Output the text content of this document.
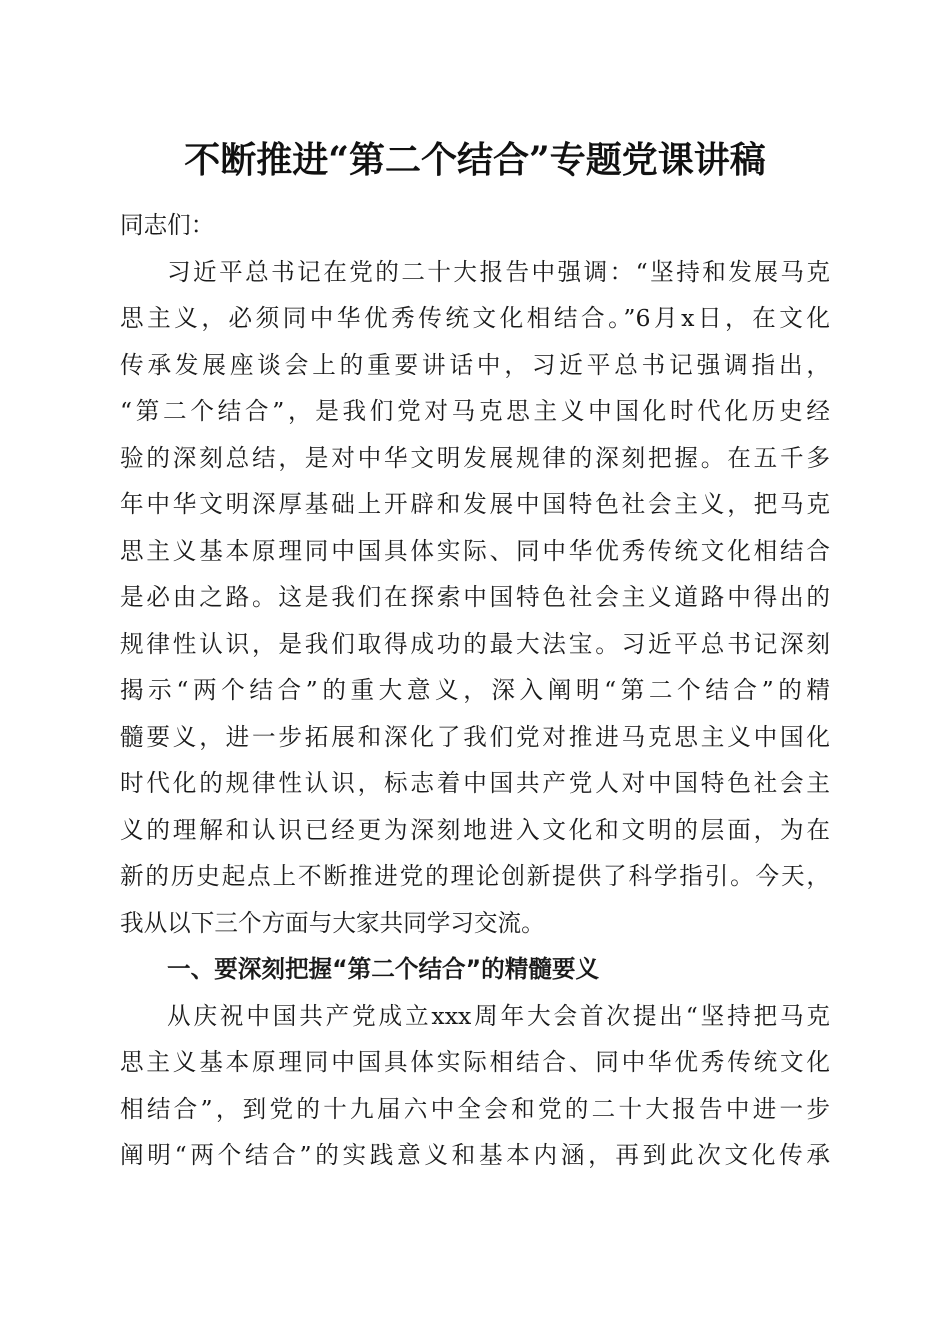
不断推进“第二个结合”专题党课讲稿
同志们：
习近平总书记在党的二十大报告中强调：“坚持和发展马克
思主义，必须同中华优秀传统文化相结合。”6月x日，在文化
传承发展座谈会上的重要讲话中，习近平总书记强调指出，
“第二个结合”，是我们党对马克思主义中国化时代化历史经
验的深刻总结，是对中华文明发展规律的深刻把握。在五千多
年中华文明深厚基础上开辟和发展中国特色社会主义，把马克
思主义基本原理同中国具体实际、同中华优秀传统文化相结合
是必由之路。这是我们在探索中国特色社会主义道路中得出的
规律性认识，是我们取得成功的最大法宝。习近平总书记深刻
揭示“两个结合”的重大意义，深入阐明“第二个结合”的精
髓要义，进一步拓展和深化了我们党对推进马克思主义中国化
时代化的规律性认识，标志着中国共产党人对中国特色社会主
义的理解和认识已经更为深刻地进入文化和文明的层面，为在
新的历史起点上不断推进党的理论创新提供了科学指引。今天，
我从以下三个方面与大家共同学习交流。
一、要深刻把握“第二个结合”的精髓要义
从庆祝中国共产党成立xxx周年大会首次提出“坚持把马克
思主义基本原理同中国具体实际相结合、同中华优秀传统文化
相结合”，到党的十九届六中全会和党的二十大报告中进一步
阐明“两个结合”的实践意义和基本内涵，再到此次文化传承
